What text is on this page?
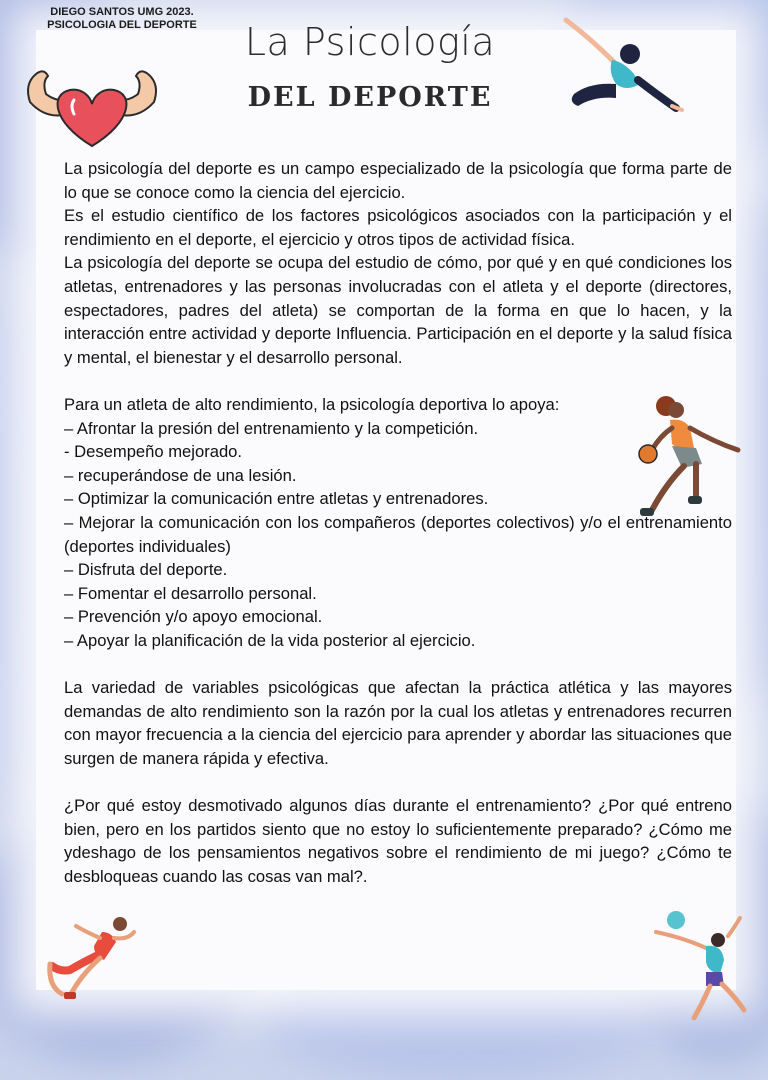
DIEGO SANTOS UMG 2023.
PSICOLOGIA DEL DEPORTE	La Psicología
DEL DEPORTE

La psicología del deporte es un campo especializado de la psicología que forma parte de lo que se conoce como la ciencia del ejercicio.
Es el estudio científico de los factores psicológicos asociados con la participación y el rendimiento en el deporte, el ejercicio y otros tipos de actividad física.
La psicología del deporte se ocupa del estudio de cómo, por qué y en qué condiciones los atletas, entrenadores y las personas involucradas con el atleta y el deporte (directores, espectadores, padres del atleta) se comportan de la forma en que lo hacen, y la interacción entre actividad y deporte Influencia. Participación en el deporte y la salud física y mental, el bienestar y el desarrollo personal.

Para un atleta de alto rendimiento, la psicología deportiva lo apoya:
– Afrontar la presión del entrenamiento y la competición.
- Desempeño mejorado.
– recuperándose de una lesión.
– Optimizar la comunicación entre atletas y entrenadores.
– Mejorar la comunicación con los compañeros (deportes colectivos) y/o el entrenamiento (deportes individuales)
– Disfruta del deporte.
– Fomentar el desarrollo personal.
– Prevención y/o apoyo emocional.
– Apoyar la planificación de la vida posterior al ejercicio.

La variedad de variables psicológicas que afectan la práctica atlética y las mayores demandas de alto rendimiento son la razón por la cual los atletas y entrenadores recurren con mayor frecuencia a la ciencia del ejercicio para aprender y abordar las situaciones que surgen de manera rápida y efectiva.

¿Por qué estoy desmotivado algunos días durante el entrenamiento? ¿Por qué entreno bien, pero en los partidos siento que no estoy lo suficientemente preparado? ¿Cómo me ydeshago de los pensamientos negativos sobre el rendimiento de mi juego? ¿Cómo te desbloqueas cuando las cosas van mal?.
